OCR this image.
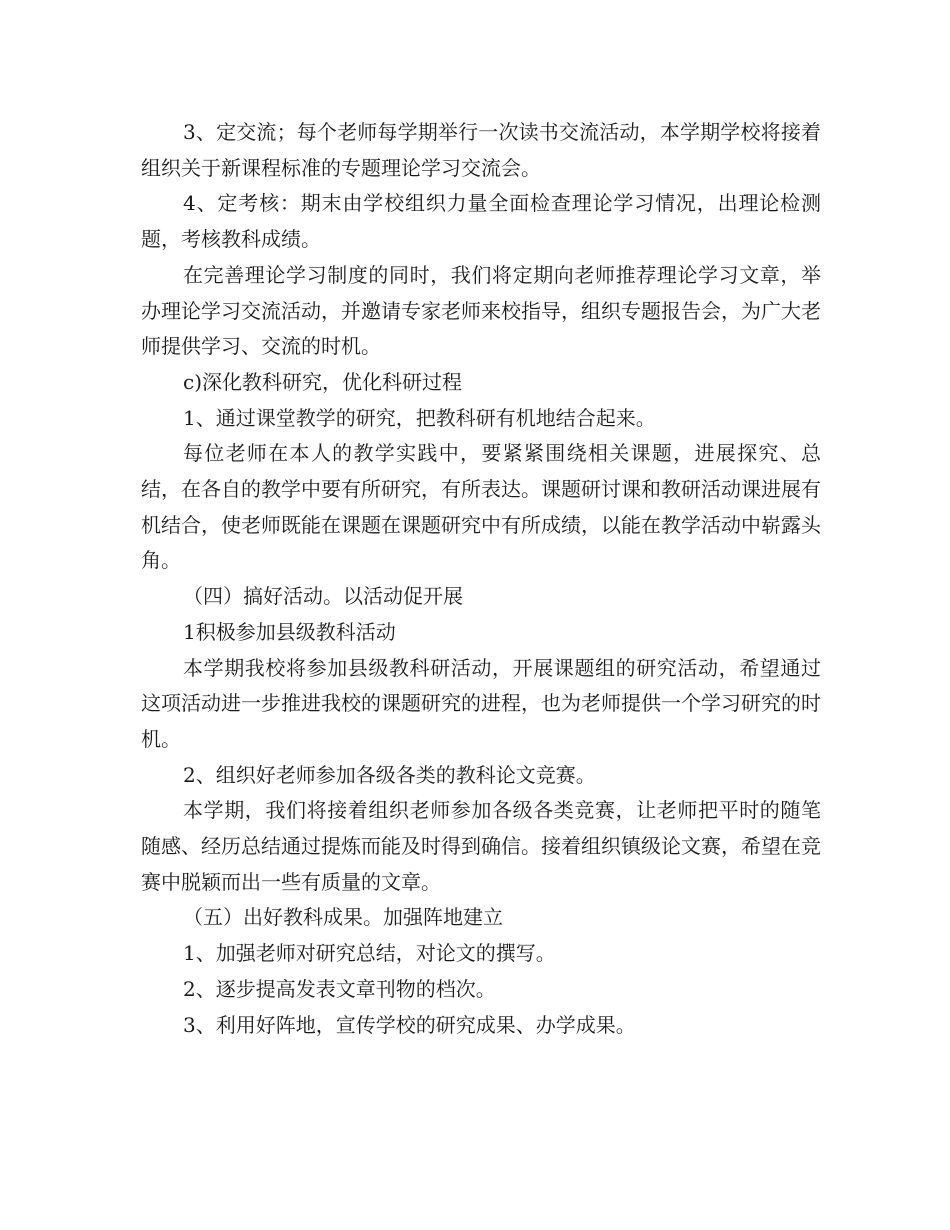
3、定交流；每个老师每学期举行一次读书交流活动，本学期学校将接着组织关于新课程标准的专题理论学习交流会。

4、定考核：期末由学校组织力量全面检查理论学习情况，出理论检测题，考核教科成绩。

在完善理论学习制度的同时，我们将定期向老师推荐理论学习文章，举办理论学习交流活动，并邀请专家老师来校指导，组织专题报告会，为广大老师提供学习、交流的时机。

c)深化教科研究，优化科研过程

1、通过课堂教学的研究，把教科研有机地结合起来。

每位老师在本人的教学实践中，要紧紧围绕相关课题，进展探究、总结，在各自的教学中要有所研究，有所表达。课题研讨课和教研活动课进展有机结合，使老师既能在课题在课题研究中有所成绩，以能在教学活动中崭露头角。

（四）搞好活动。以活动促开展

1积极参加县级教科活动

本学期我校将参加县级教科研活动，开展课题组的研究活动，希望通过这项活动进一步推进我校的课题研究的进程，也为老师提供一个学习研究的时机。

2、组织好老师参加各级各类的教科论文竞赛。

本学期，我们将接着组织老师参加各级各类竞赛，让老师把平时的随笔随感、经历总结通过提炼而能及时得到确信。接着组织镇级论文赛，希望在竞赛中脱颖而出一些有质量的文章。

（五）出好教科成果。加强阵地建立

1、加强老师对研究总结，对论文的撰写。

2、逐步提高发表文章刊物的档次。

3、利用好阵地，宣传学校的研究成果、办学成果。
